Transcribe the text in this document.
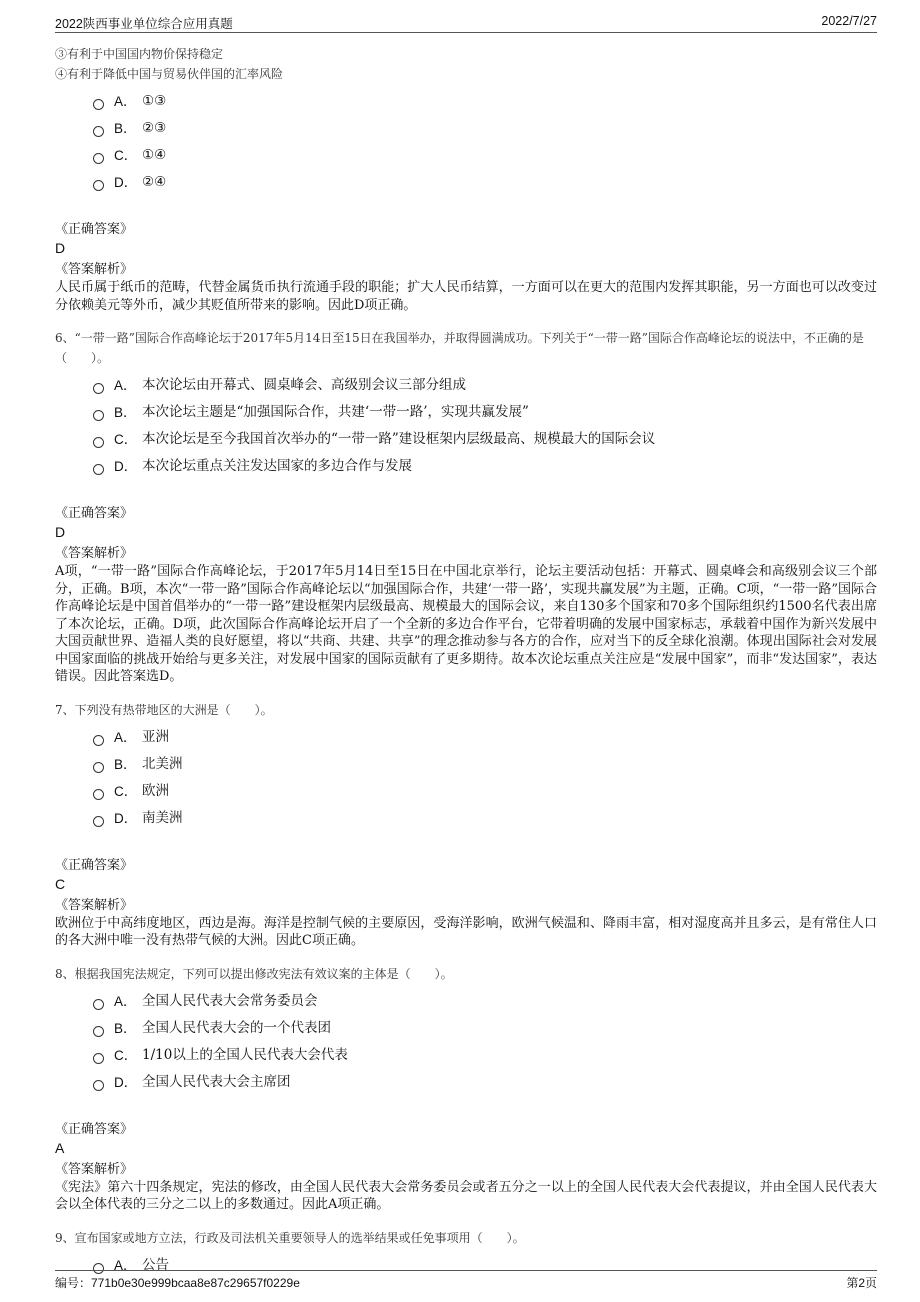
2022陕西事业单位综合应用真题	2022/7/27
③有利于中国国内物价保持稳定
④有利于降低中国与贸易伙伴国的汇率风险
A． ①③
B． ②③
C． ①④
D． ②④
《正确答案》
D
《答案解析》
人民币属于纸币的范畴，代替金属货币执行流通手段的职能；扩大人民币结算，一方面可以在更大的范围内发挥其职能，另一方面也可以改变过分依赖美元等外币，减少其贬值所带来的影响。因此D项正确。
6、“一带一路”国际合作高峰论坛于2017年5月14日至15日在我国举办，并取得圆满成功。下列关于“一带一路”国际合作高峰论坛的说法中，不正确的是（　　）。
A． 本次论坛由开幕式、圆桌峰会、高级别会议三部分组成
B． 本次论坛主题是“加强国际合作，共建‘一带一路’，实现共赢发展”
C． 本次论坛是至今我国首次举办的“一带一路”建设框架内层级最高、规模最大的国际会议
D． 本次论坛重点关注发达国家的多边合作与发展
《正确答案》
D
《答案解析》
A项，“一带一路”国际合作高峰论坛，于2017年5月14日至15日在中国北京举行，论坛主要活动包括：开幕式、圆桌峰会和高级别会议三个部分，正确。B项，本次“一带一路”国际合作高峰论坛以“加强国际合作，共建‘一带一路’，实现共赢发展”为主题，正确。C项，“一带一路”国际合作高峰论坛是中国首倡举办的“一带一路”建设框架内层级最高、规模最大的国际会议，来自130多个国家和70多个国际组织约1500名代表出席了本次论坛，正确。D项，此次国际合作高峰论坛开启了一个全新的多边合作平台，它带着明确的发展中国家标志，承载着中国作为新兴发展中大国贡献世界、造福人类的良好愿望，将以“共商、共建、共享”的理念推动参与各方的合作，应对当下的反全球化浪潮。体现出国际社会对发展中国家面临的挑战开始给与更多关注，对发展中国家的国际贡献有了更多期待。故本次论坛重点关注应是“发展中国家”，而非“发达国家”，表达错误。因此答案选D。
7、下列没有热带地区的大洲是（　　）。
A． 亚洲
B． 北美洲
C． 欧洲
D． 南美洲
《正确答案》
C
《答案解析》
欧洲位于中高纬度地区，西边是海。海洋是控制气候的主要原因，受海洋影响，欧洲气候温和、降雨丰富，相对湿度高并且多云，是有常住人口的各大洲中唯一没有热带气候的大洲。因此C项正确。
8、根据我国宪法规定，下列可以提出修改宪法有效议案的主体是（　　）。
A． 全国人民代表大会常务委员会
B． 全国人民代表大会的一个代表团
C． 1/10以上的全国人民代表大会代表
D． 全国人民代表大会主席团
《正确答案》
A
《答案解析》
《宪法》第六十四条规定，宪法的修改，由全国人民代表大会常务委员会或者五分之一以上的全国人民代表大会代表提议，并由全国人民代表大会以全体代表的三分之二以上的多数通过。因此A项正确。
9、宣布国家或地方立法，行政及司法机关重要领导人的选举结果或任免事项用（　　）。
A． 公告
编号：771b0e30e999bcaa8e87c29657f0229e	第2页
